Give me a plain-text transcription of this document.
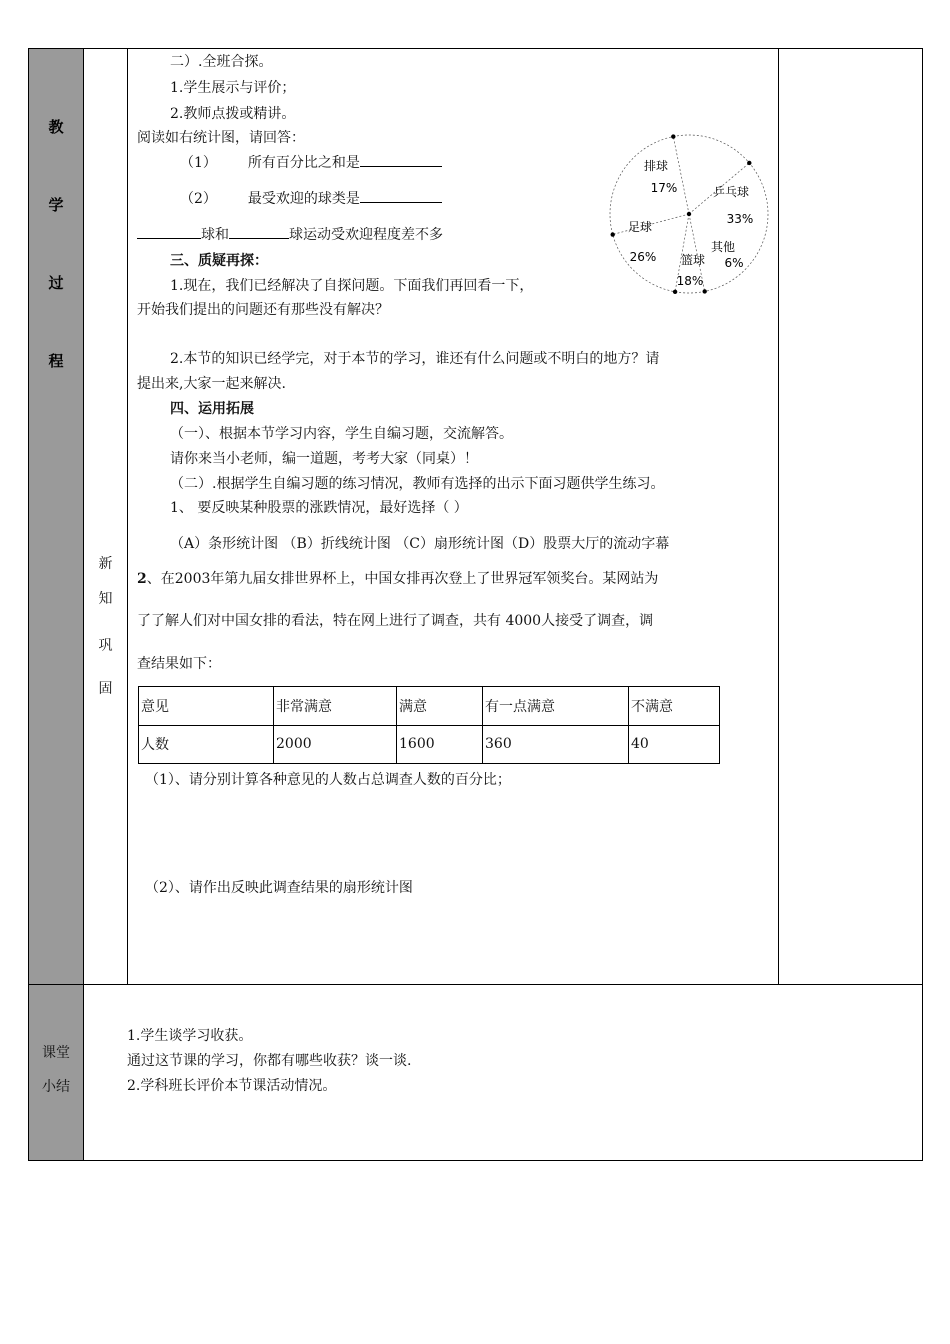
教
学
过
程
新
知
巩
固
课堂
小结
二）.全班合探。
1.学生展示与评价；
2.教师点拨或精讲。
阅读如右统计图，请回答：
（1） 所有百分比之和是
（2） 最受欢迎的球类是
球和	球运动受欢迎程度差不多
三、质疑再探：
1.现在，我们已经解决了自探问题。下面我们再回看一下，
开始我们提出的问题还有那些没有解决？
2.本节的知识已经学完，对于本节的学习，谁还有什么问题或不明白的地方？请
提出来,大家一起来解决.
四、运用拓展
（一）、根据本节学习内容，学生自编习题，交流解答。
请你来当小老师，编一道题，考考大家（同桌）！
（二）.根据学生自编习题的练习情况，教师有选择的出示下面习题供学生练习。
1、 要反映某种股票的涨跌情况，最好选择（ ）
（A）条形统计图 （B）折线统计图 （C）扇形统计图（D）股票大厅的流动字幕
2、在2003年第九届女排世界杯上，中国女排再次登上了世界冠军领奖台。某网站为
了了解人们对中国女排的看法，特在网上进行了调查，共有 4000人接受了调查，调
查结果如下：
意见	非常满意	满意	有一点满意	不满意
人数	2000	1600	360	40
（1）、请分别计算各种意见的人数占总调查人数的百分比；
（2）、请作出反映此调查结果的扇形统计图
排球
17%	乒乓球
33%
其他
6%
篮球
18%
足球
26%
1.学生谈学习收获。
通过这节课的学习，你都有哪些收获？谈一谈.
2.学科班长评价本节课活动情况。
